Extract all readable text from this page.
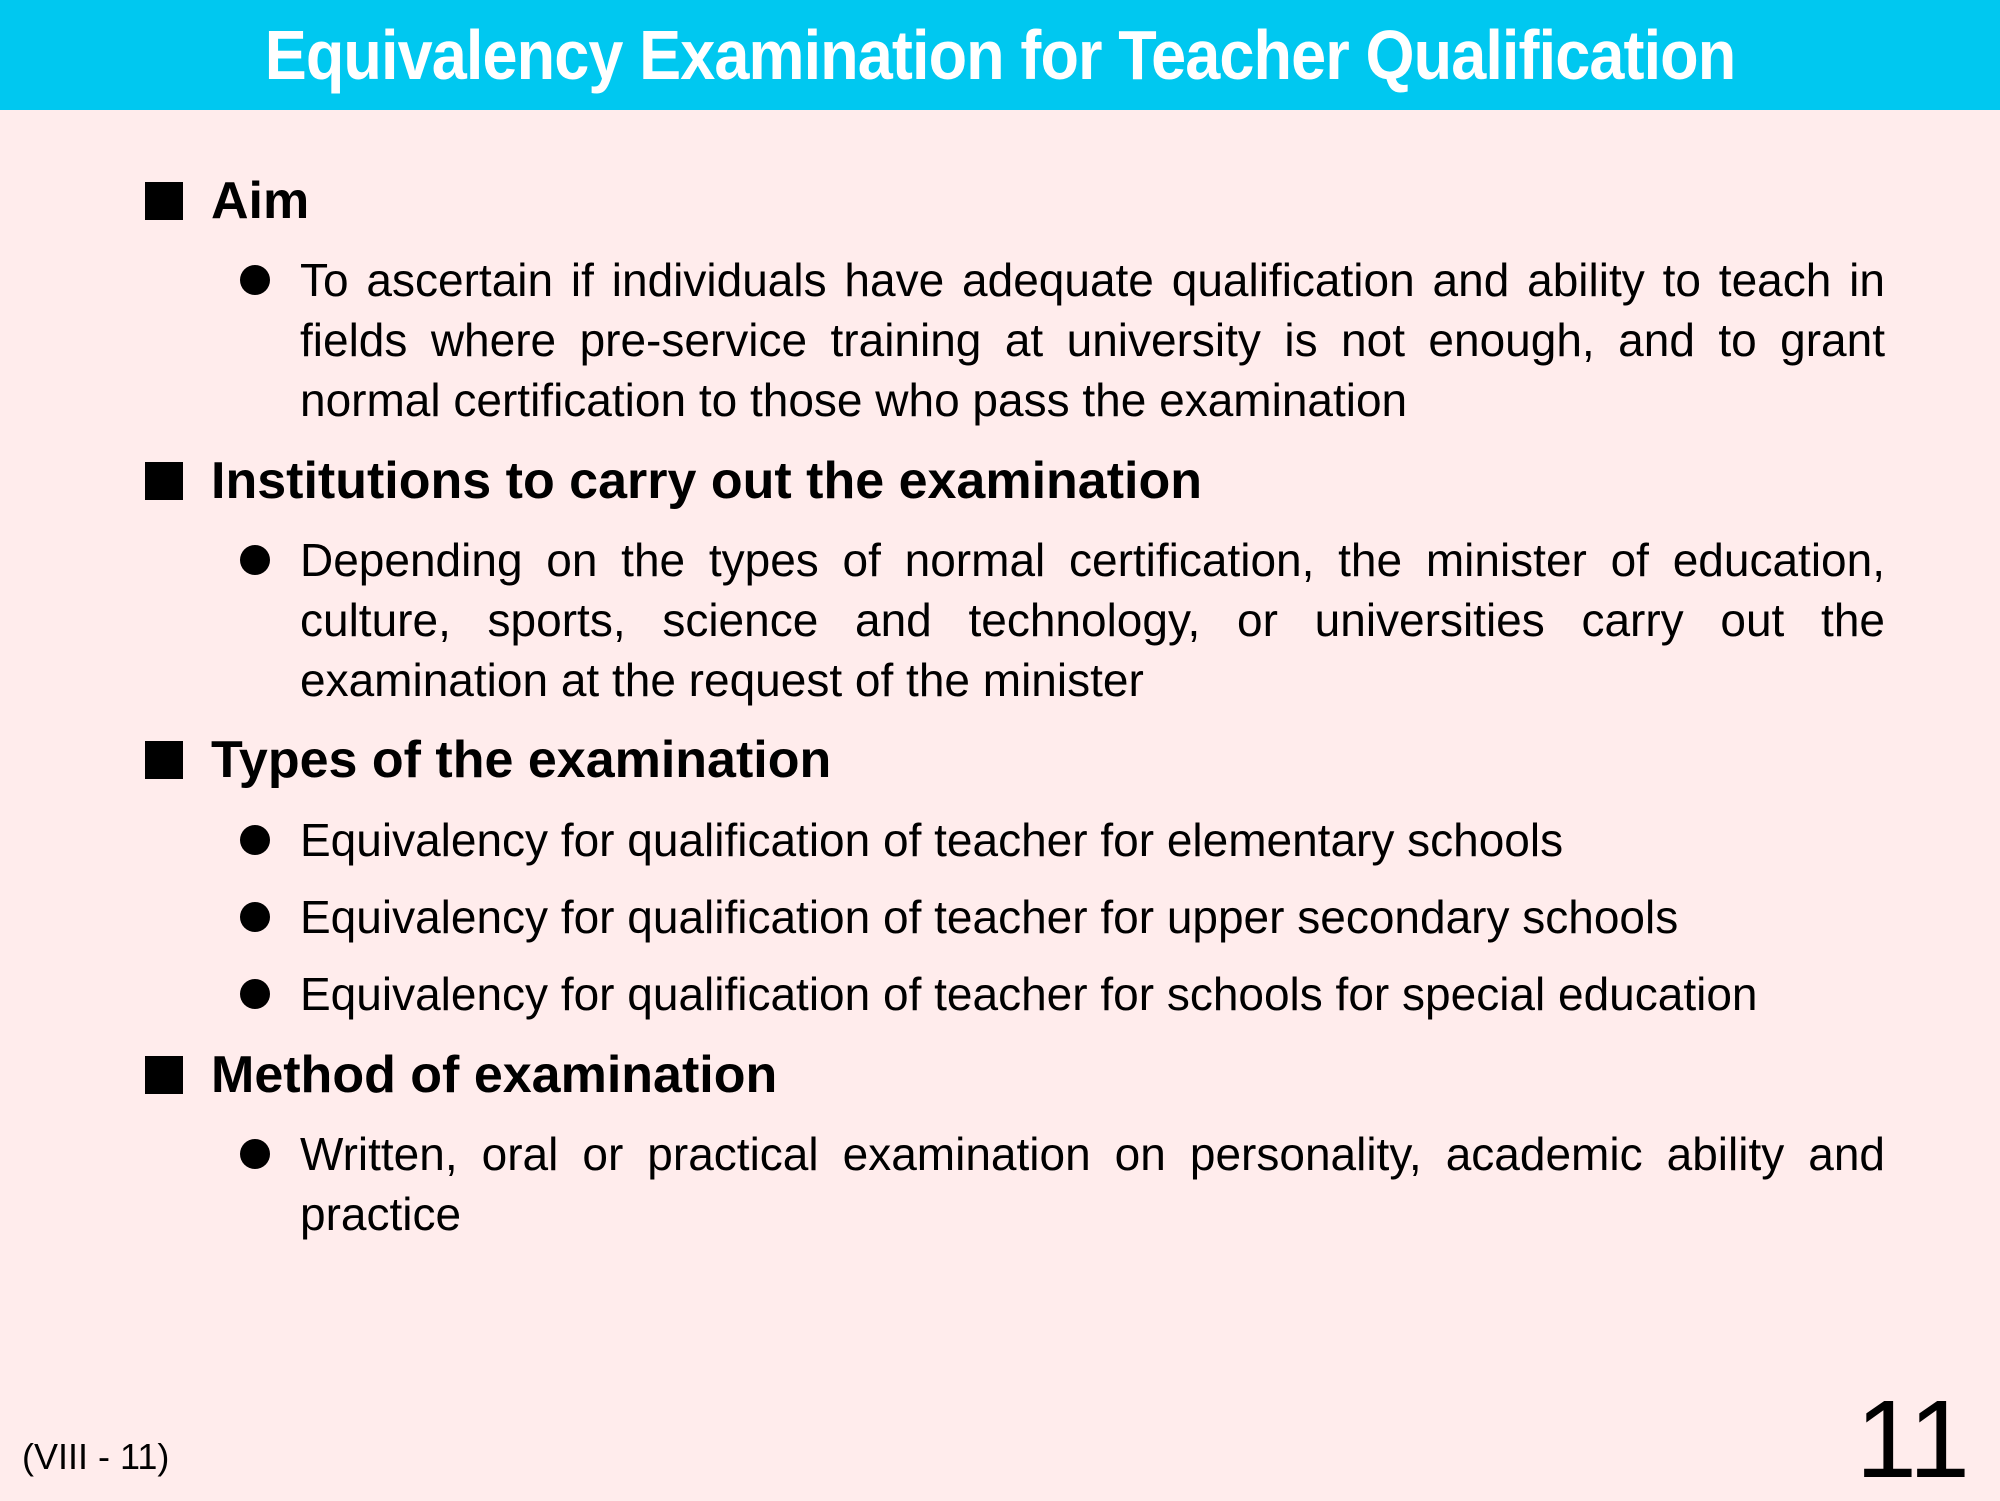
Equivalency Examination for Teacher Qualification
Aim
To ascertain if individuals have adequate qualification and ability to teach in fields where pre-service training at university is not enough, and to grant normal certification to those who pass the examination
Institutions to carry out the examination
Depending on the types of normal certification, the minister of education, culture, sports, science and technology, or universities carry out the examination at the request of the minister
Types of the examination
Equivalency for qualification of teacher for elementary schools
Equivalency for qualification of teacher for upper secondary schools
Equivalency for qualification of teacher for schools for special education
Method of examination
Written, oral or practical examination on personality, academic ability and practice
(VIII - 11)	11
